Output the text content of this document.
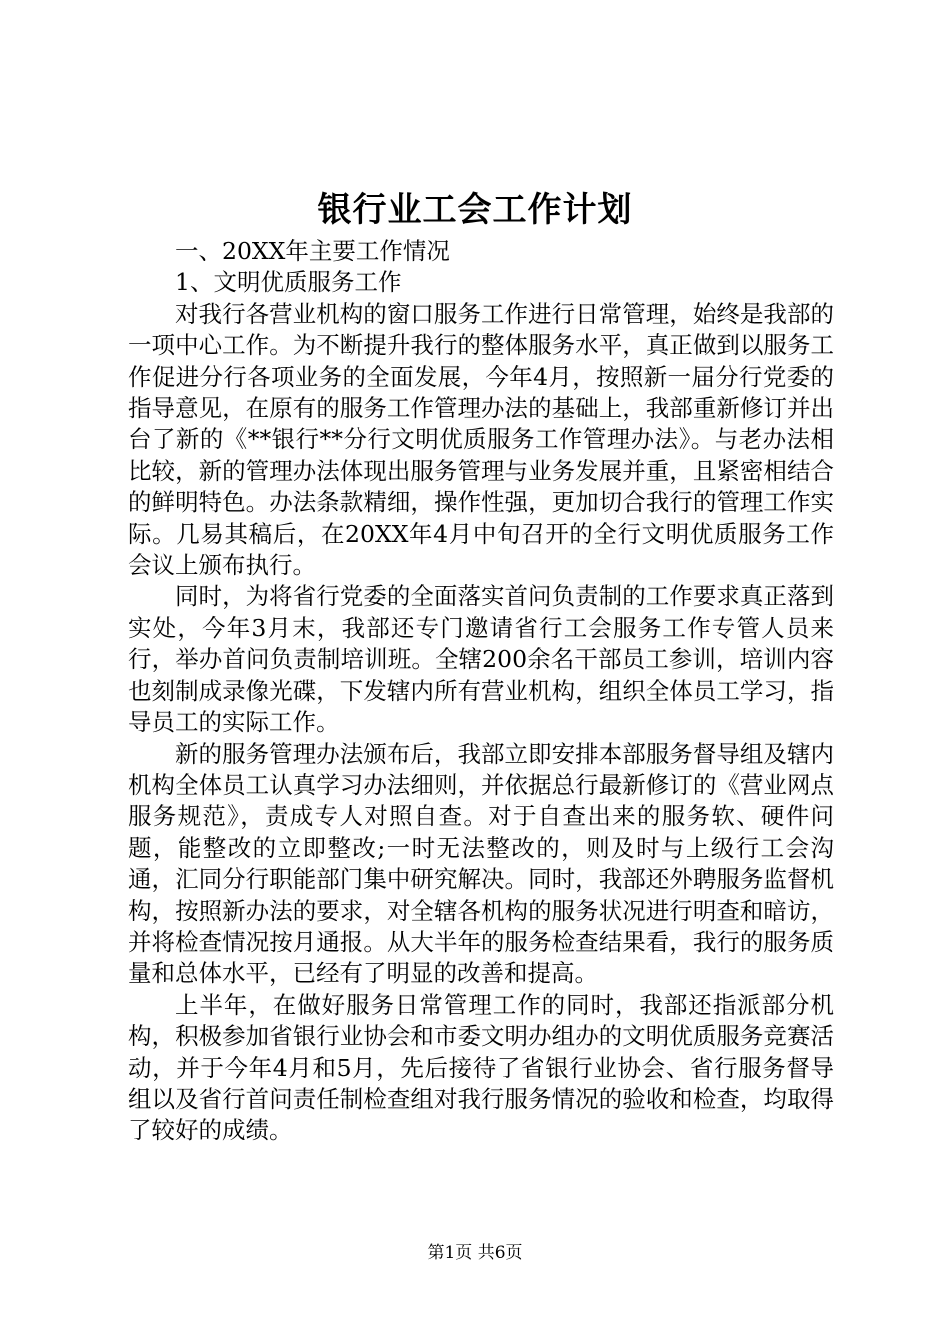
银行业工会工作计划

一、20XX年主要工作情况

1、文明优质服务工作

对我行各营业机构的窗口服务工作进行日常管理，始终是我部的一项中心工作。为不断提升我行的整体服务水平，真正做到以服务工作促进分行各项业务的全面发展，今年4月，按照新一届分行党委的指导意见，在原有的服务工作管理办法的基础上，我部重新修订并出台了新的《**银行**分行文明优质服务工作管理办法》。与老办法相比较，新的管理办法体现出服务管理与业务发展并重，且紧密相结合的鲜明特色。办法条款精细，操作性强，更加切合我行的管理工作实际。几易其稿后，在20XX年4月中旬召开的全行文明优质服务工作会议上颁布执行。

同时，为将省行党委的全面落实首问负责制的工作要求真正落到实处，今年3月末，我部还专门邀请省行工会服务工作专管人员来行，举办首问负责制培训班。全辖200余名干部员工参训，培训内容也刻制成录像光碟，下发辖内所有营业机构，组织全体员工学习，指导员工的实际工作。

新的服务管理办法颁布后，我部立即安排本部服务督导组及辖内机构全体员工认真学习办法细则，并依据总行最新修订的《营业网点服务规范》，责成专人对照自查。对于自查出来的服务软、硬件问题，能整改的立即整改;一时无法整改的，则及时与上级行工会沟通，汇同分行职能部门集中研究解决。同时，我部还外聘服务监督机构，按照新办法的要求，对全辖各机构的服务状况进行明查和暗访，并将检查情况按月通报。从大半年的服务检查结果看，我行的服务质量和总体水平，已经有了明显的改善和提高。

上半年，在做好服务日常管理工作的同时，我部还指派部分机构，积极参加省银行业协会和市委文明办组办的文明优质服务竞赛活动，并于今年4月和5月，先后接待了省银行业协会、省行服务督导组以及省行首问责任制检查组对我行服务情况的验收和检查，均取得了较好的成绩。

第1页 共6页
